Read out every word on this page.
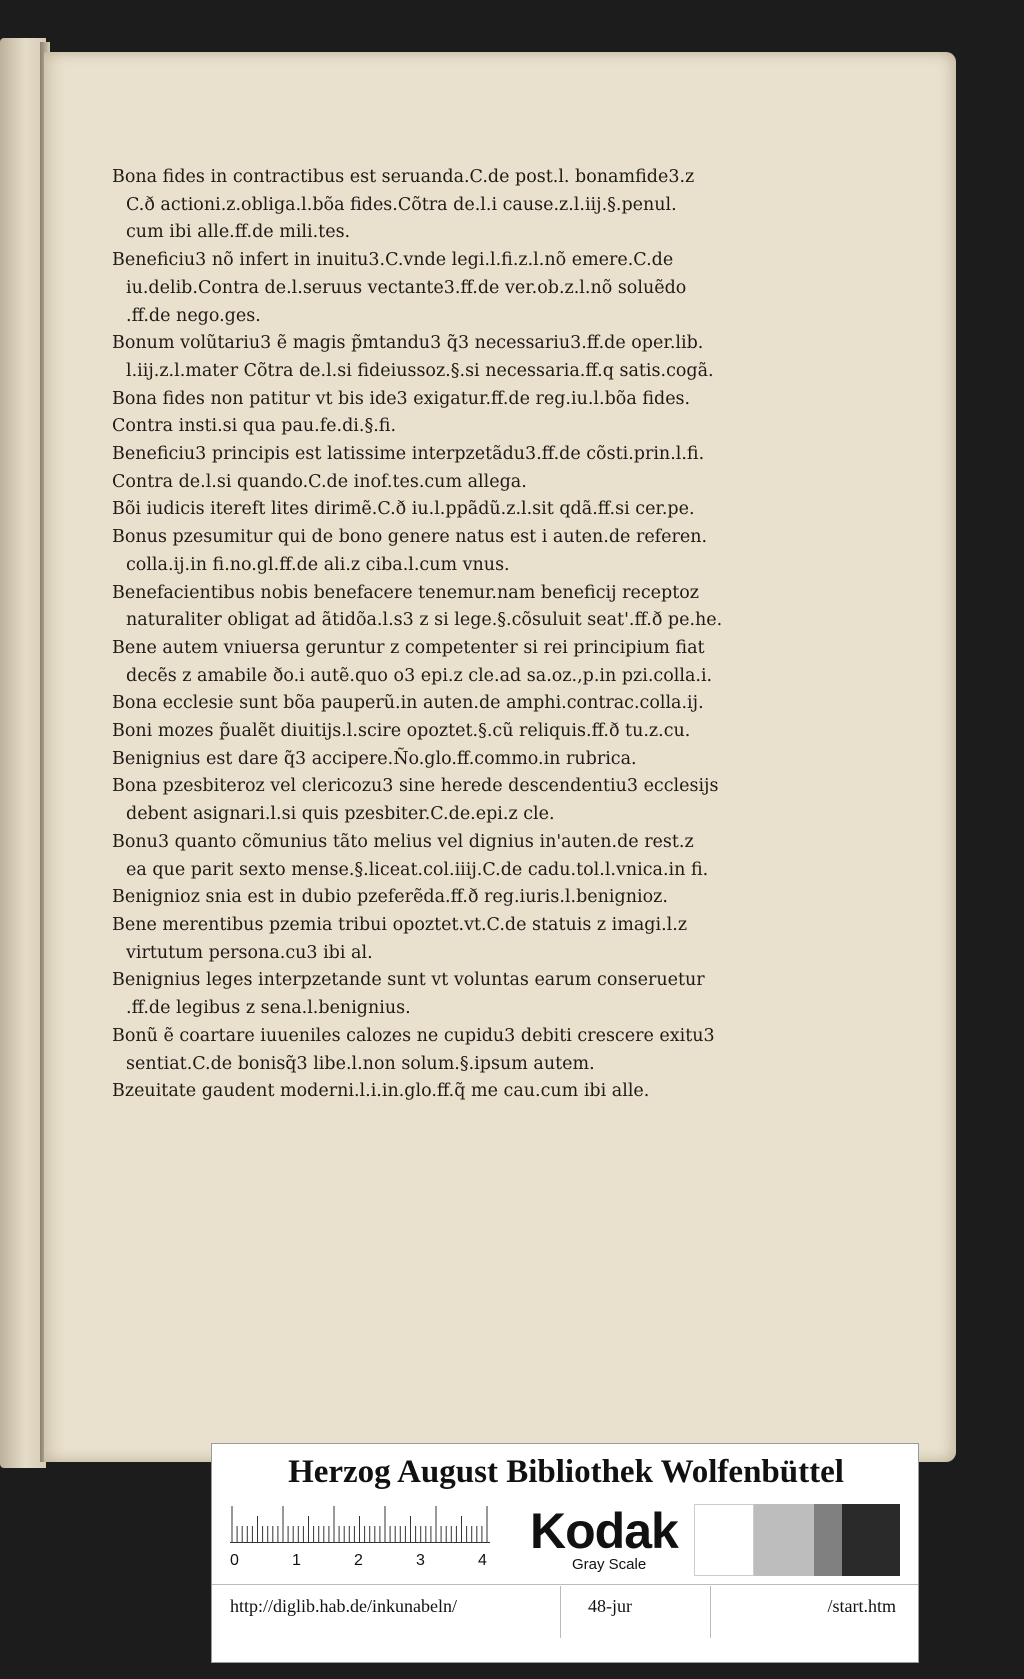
Bona fides in contractibus est seruanda.C.de post.l. bonamfide3.z
C.ð actioni.z.obliga.l.bõa fides.Cõtra de.l.i cause.z.l.iij.§.penul.
cum ibi alle.ff.de mili.tes.
Beneficiu3 nõ infert in inuitu3.C.vnde legi.l.fi.z.l.nõ emere.C.de
iu.delib.Contra de.l.seruus vectante3.ff.de ver.ob.z.l.nõ soluẽdo
.ff.de nego.ges.
Bonum volũtariu3 ẽ magis p̃mtandu3 q̃3 necessariu3.ff.de oper.lib.
l.iij.z.l.mater Cõtra de.l.si fideiussoz.§.si necessaria.ff.q satis.cogã.
Bona fides non patitur vt bis ide3 exigatur.ff.de reg.iu.l.bõa fides.
Contra insti.si qua pau.fe.di.§.fi.
Beneficiu3 principis est latissime interpzetãdu3.ff.de cõsti.prin.l.fi.
Contra de.l.si quando.C.de inof.tes.cum allega.
Bõi iudicis itereft lites dirimẽ.C.ð iu.l.ppãdũ.z.l.sit qdã.ff.si cer.pe.
Bonus pzesumitur qui de bono genere natus est i auten.de referen.
colla.ij.in fi.no.gl.ff.de ali.z ciba.l.cum vnus.
Benefacientibus nobis benefacere tenemur.nam beneficij receptoz
naturaliter obligat ad ãtidõa.l.s3 z si lege.§.cõsuluit seat'.ff.ð pe.he.
Bene autem vniuersa geruntur z competenter si rei principium fiat
decẽs z amabile ðo.i autẽ.quo o3 epi.z cle.ad sa.oz.,p.in pzi.colla.i.
Bona ecclesie sunt bõa pauperũ.in auten.de amphi.contrac.colla.ij.
Boni mozes p̃ualẽt diuitijs.l.scire opoztet.§.cũ reliquis.ff.ð tu.z.cu.
Benignius est dare q̃3 accipere.Ño.glo.ff.commo.in rubrica.
Bona pzesbiteroz vel clericozu3 sine herede descendentiu3 ecclesijs
debent asignari.l.si quis pzesbiter.C.de.epi.z cle.
Bonu3 quanto cõmunius tãto melius vel dignius in'auten.de rest.z
ea que parit sexto mense.§.liceat.col.iiij.C.de cadu.tol.l.vnica.in fi.
Benignioz snia est in dubio pzeferẽda.ff.ð reg.iuris.l.benignioz.
Bene merentibus pzemia tribui opoztet.vt.C.de statuis z imagi.l.z
virtutum persona.cu3 ibi al.
Benignius leges interpzetande sunt vt voluntas earum conseruetur
.ff.de legibus z sena.l.benignius.
Bonũ ẽ coartare iuueniles calozes ne cupidu3 debiti crescere exitu3
sentiat.C.de bonisq̃3 libe.l.non solum.§.ipsum autem.
Bzeuitate gaudent moderni.l.i.in.glo.ff.q̃ me cau.cum ibi alle.
Herzog August Bibliothek Wolfenbüttel
0	1	2	3	4
Kodak
Gray Scale
http://diglib.hab.de/inkunabeln/	48-jur	/start.htm
